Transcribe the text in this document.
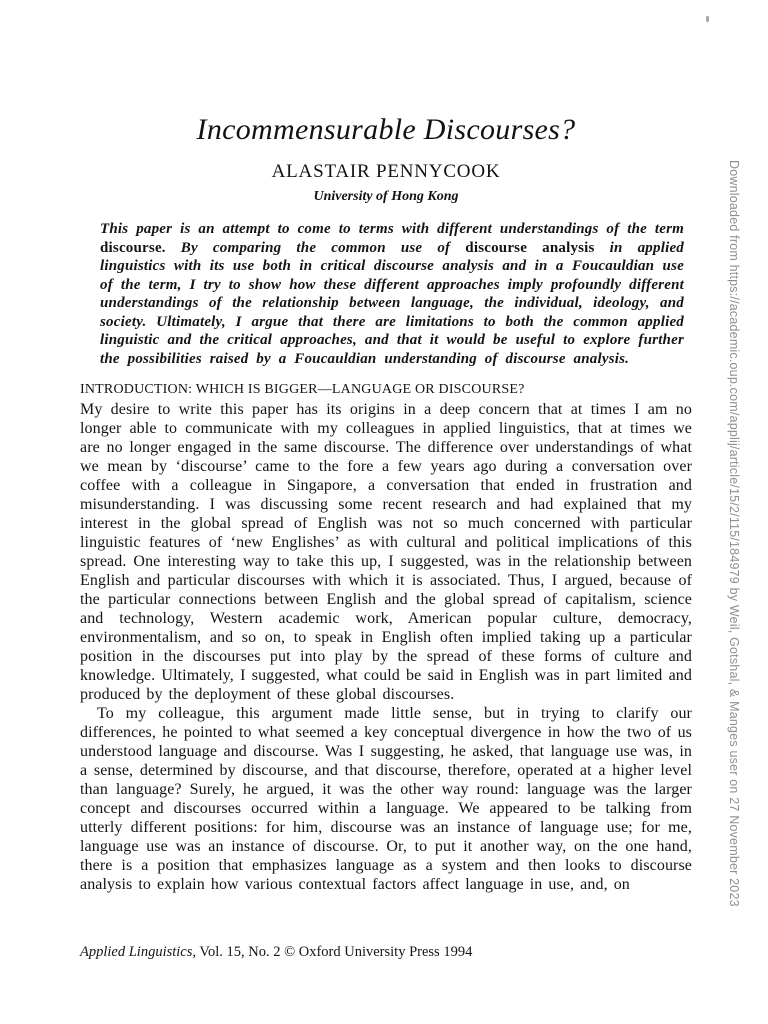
Incommensurable Discourses?
ALASTAIR PENNYCOOK
University of Hong Kong

This paper is an attempt to come to terms with different understandings of the term discourse. By comparing the common use of discourse analysis in applied linguistics with its use both in critical discourse analysis and in a Foucauldian use of the term, I try to show how these different approaches imply profoundly different understandings of the relationship between language, the individual, ideology, and society. Ultimately, I argue that there are limitations to both the common applied linguistic and the critical approaches, and that it would be useful to explore further the possibilities raised by a Foucauldian understanding of discourse analysis.

INTRODUCTION: WHICH IS BIGGER—LANGUAGE OR DISCOURSE?

My desire to write this paper has its origins in a deep concern that at times I am no longer able to communicate with my colleagues in applied linguistics, that at times we are no longer engaged in the same discourse. The difference over understandings of what we mean by ‘discourse’ came to the fore a few years ago during a conversation over coffee with a colleague in Singapore, a conversation that ended in frustration and misunderstanding. I was discussing some recent research and had explained that my interest in the global spread of English was not so much concerned with particular linguistic features of ‘new Englishes’ as with cultural and political implications of this spread. One interesting way to take this up, I suggested, was in the relationship between English and particular discourses with which it is associated. Thus, I argued, because of the particular connections between English and the global spread of capitalism, science and technology, Western academic work, American popular culture, democracy, environmentalism, and so on, to speak in English often implied taking up a particular position in the discourses put into play by the spread of these forms of culture and knowledge. Ultimately, I suggested, what could be said in English was in part limited and produced by the deployment of these global discourses.

To my colleague, this argument made little sense, but in trying to clarify our differences, he pointed to what seemed a key conceptual divergence in how the two of us understood language and discourse. Was I suggesting, he asked, that language use was, in a sense, determined by discourse, and that discourse, therefore, operated at a higher level than language? Surely, he argued, it was the other way round: language was the larger concept and discourses occurred within a language. We appeared to be talking from utterly different positions: for him, discourse was an instance of language use; for me, language use was an instance of discourse. Or, to put it another way, on the one hand, there is a position that emphasizes language as a system and then looks to discourse analysis to explain how various contextual factors affect language in use, and, on

Applied Linguistics, Vol. 15, No. 2 © Oxford University Press 1994
Downloaded from https://academic.oup.com/applij/article/15/2/115/184979 by Weil, Gotshal, & Manges user on 27 November 2023
